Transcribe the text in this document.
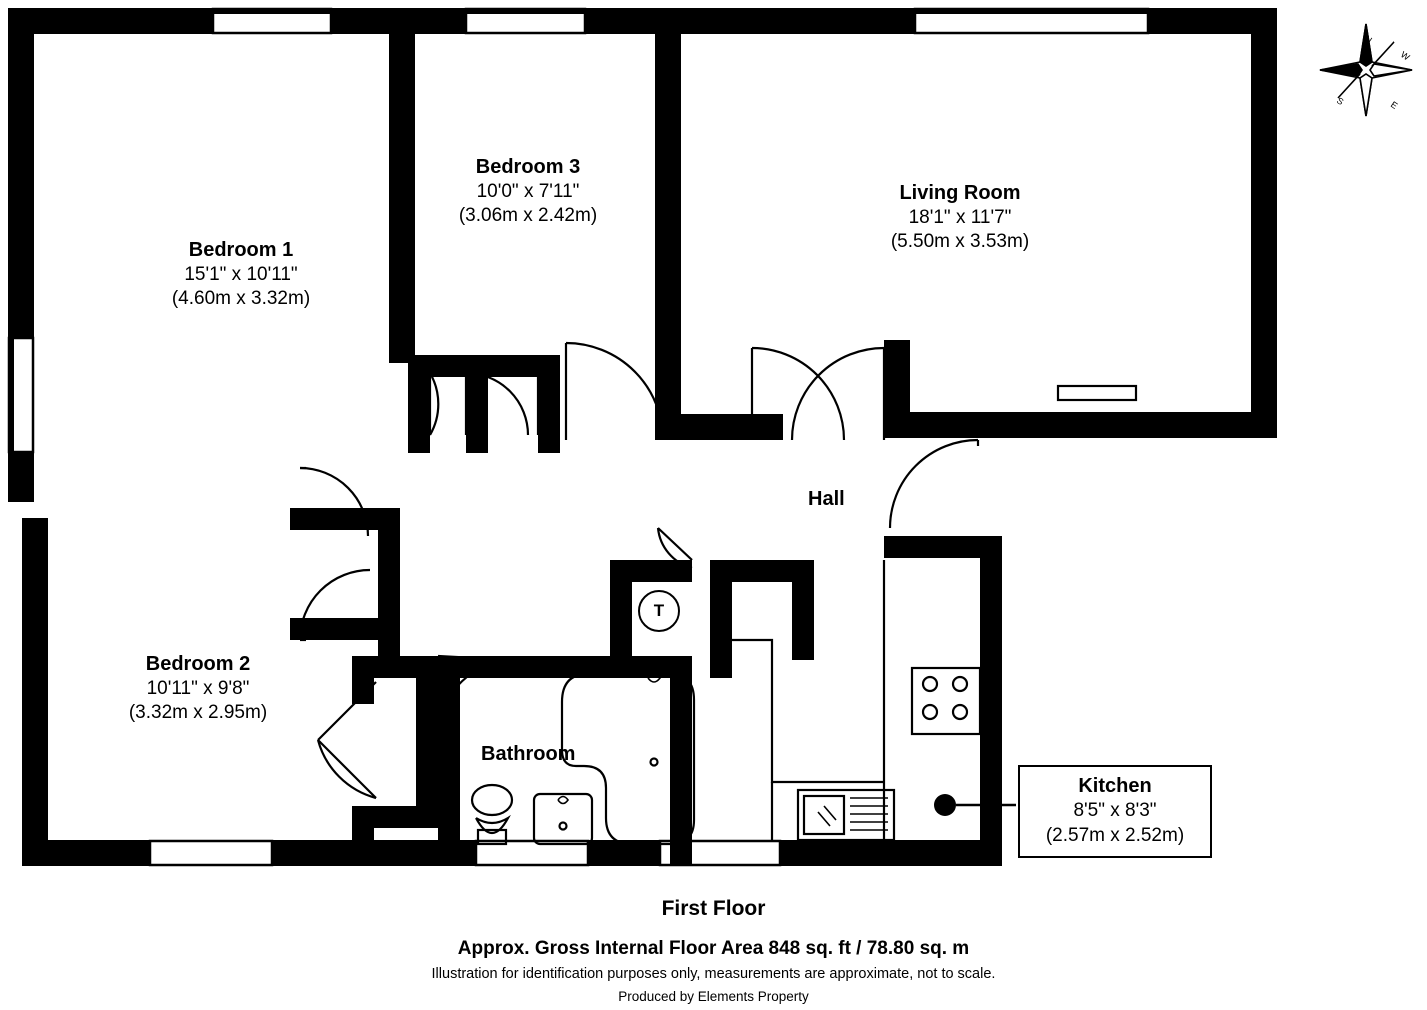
N
E
S
W
Bedroom 1
15'1" x 10'11"
(4.60m x 3.32m)
Bedroom 3
10'0" x 7'11"
(3.06m x 2.42m)
Living Room
18'1" x 11'7"
(5.50m x 3.53m)
Bedroom 2
10'11" x 9'8"
(3.32m x 2.95m)
Kitchen
8'5" x 8'3"
(2.57m x 2.52m)
Hall
Bathroom
T
First Floor
Approx. Gross Internal Floor Area 848 sq. ft / 78.80 sq. m
Illustration for identification purposes only, measurements are approximate, not to scale.
Produced by Elements Property
